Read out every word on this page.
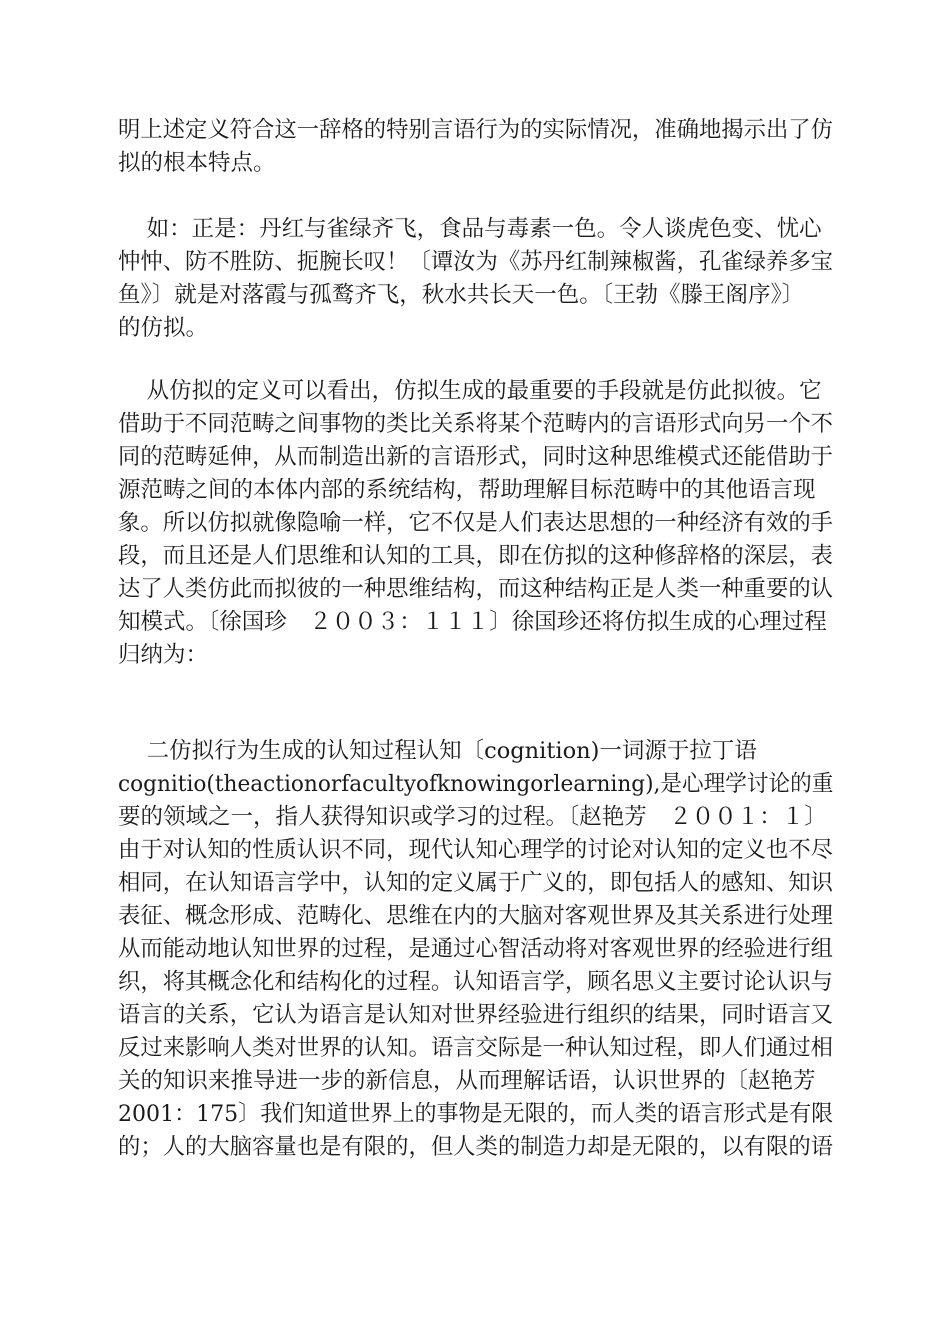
明上述定义符合这一辞格的特别言语行为的实际情况，准确地揭示出了仿
拟的根本特点。
如：正是：丹红与雀绿齐飞，食品与毒素一色。令人谈虎色变、忧心
忡忡、防不胜防、扼腕长叹！〔谭汝为《苏丹红制辣椒酱，孔雀绿养多宝
鱼》〕就是对落霞与孤鹜齐飞，秋水共长天一色。〔王勃《滕王阁序》〕
的仿拟。
从仿拟的定义可以看出，仿拟生成的最重要的手段就是仿此拟彼。它
借助于不同范畴之间事物的类比关系将某个范畴内的言语形式向另一个不
同的范畴延伸，从而制造出新的言语形式，同时这种思维模式还能借助于
源范畴之间的本体内部的系统结构，帮助理解目标范畴中的其他语言现
象。所以仿拟就像隐喻一样，它不仅是人们表达思想的一种经济有效的手
段，而且还是人们思维和认知的工具，即在仿拟的这种修辞格的深层，表
达了人类仿此而拟彼的一种思维结构，而这种结构正是人类一种重要的认
知模式。〔徐国珍　２００３：１１１〕徐国珍还将仿拟生成的心理过程
归纳为：
二仿拟行为生成的认知过程认知〔cognition)一词源于拉丁语
cognitio(theactionorfacultyofknowingorlearning),是心理学讨论的重
要的领域之一，指人获得知识或学习的过程。〔赵艳芳　２００１：１〕
由于对认知的性质认识不同，现代认知心理学的讨论对认知的定义也不尽
相同，在认知语言学中，认知的定义属于广义的，即包括人的感知、知识
表征、概念形成、范畴化、思维在内的大脑对客观世界及其关系进行处理
从而能动地认知世界的过程，是通过心智活动将对客观世界的经验进行组
织，将其概念化和结构化的过程。认知语言学，顾名思义主要讨论认识与
语言的关系，它认为语言是认知对世界经验进行组织的结果，同时语言又
反过来影响人类对世界的认知。语言交际是一种认知过程，即人们通过相
关的知识来推导进一步的新信息，从而理解话语，认识世界的〔赵艳芳
2001：175〕我们知道世界上的事物是无限的，而人类的语言形式是有限
的；人的大脑容量也是有限的，但人类的制造力却是无限的，以有限的语
